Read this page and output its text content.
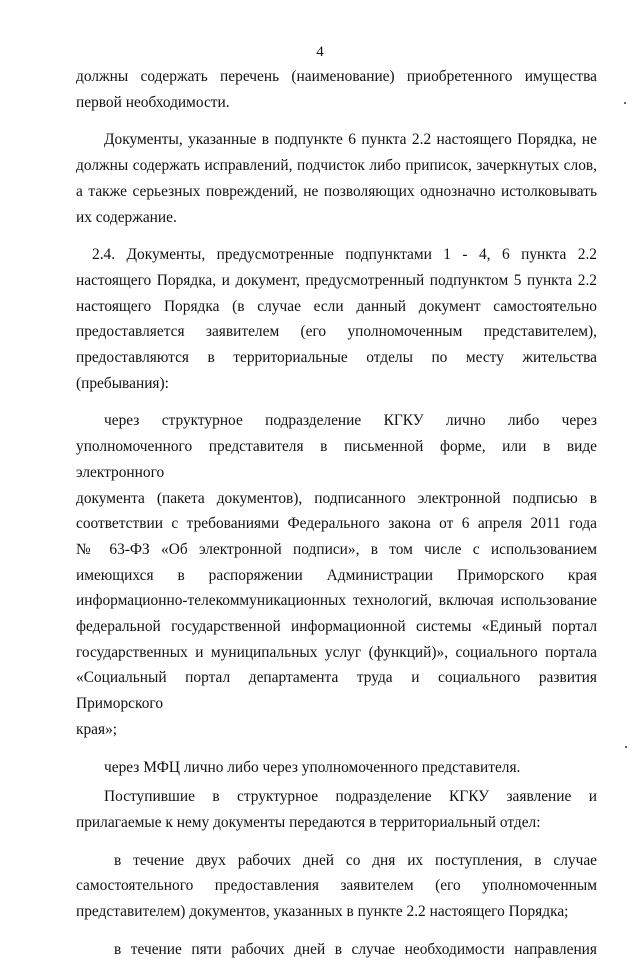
4

должны содержать перечень (наименование) приобретенного имущества
первой необходимости.

Документы, указанные в подпункте 6 пункта 2.2 настоящего Порядка, не
должны содержать исправлений, подчисток либо приписок, зачеркнутых слов,
а также серьезных повреждений, не позволяющих однозначно истолковывать
их содержание.

2.4. Документы, предусмотренные подпунктами 1 - 4, 6 пункта 2.2
настоящего Порядка, и документ, предусмотренный подпунктом 5 пункта 2.2
настоящего Порядка (в случае если данный документ самостоятельно
предоставляется заявителем (его уполномоченным представителем),
предоставляются в территориальные отделы по месту жительства
(пребывания):

через структурное подразделение КГКУ лично либо через
уполномоченного представителя в письменной форме, или в виде электронного
документа (пакета документов), подписанного электронной подписью в
соответствии с требованиями Федерального закона от 6 апреля 2011 года
№ 63-ФЗ «Об электронной подписи», в том числе с использованием
имеющихся в распоряжении Администрации Приморского края
информационно-телекоммуникационных технологий, включая использование
федеральной государственной информационной системы «Единый портал
государственных и муниципальных услуг (функций)», социального портала
«Социальный портал департамента труда и социального развития Приморского
края»;

через МФЦ лично либо через уполномоченного представителя.

Поступившие в структурное подразделение КГКУ заявление и
прилагаемые к нему документы передаются в территориальный отдел:

в течение двух рабочих дней со дня их поступления, в случае
самостоятельного предоставления заявителем (его уполномоченным
представителем) документов, указанных в пункте 2.2 настоящего Порядка;

в течение пяти рабочих дней в случае необходимости направления
